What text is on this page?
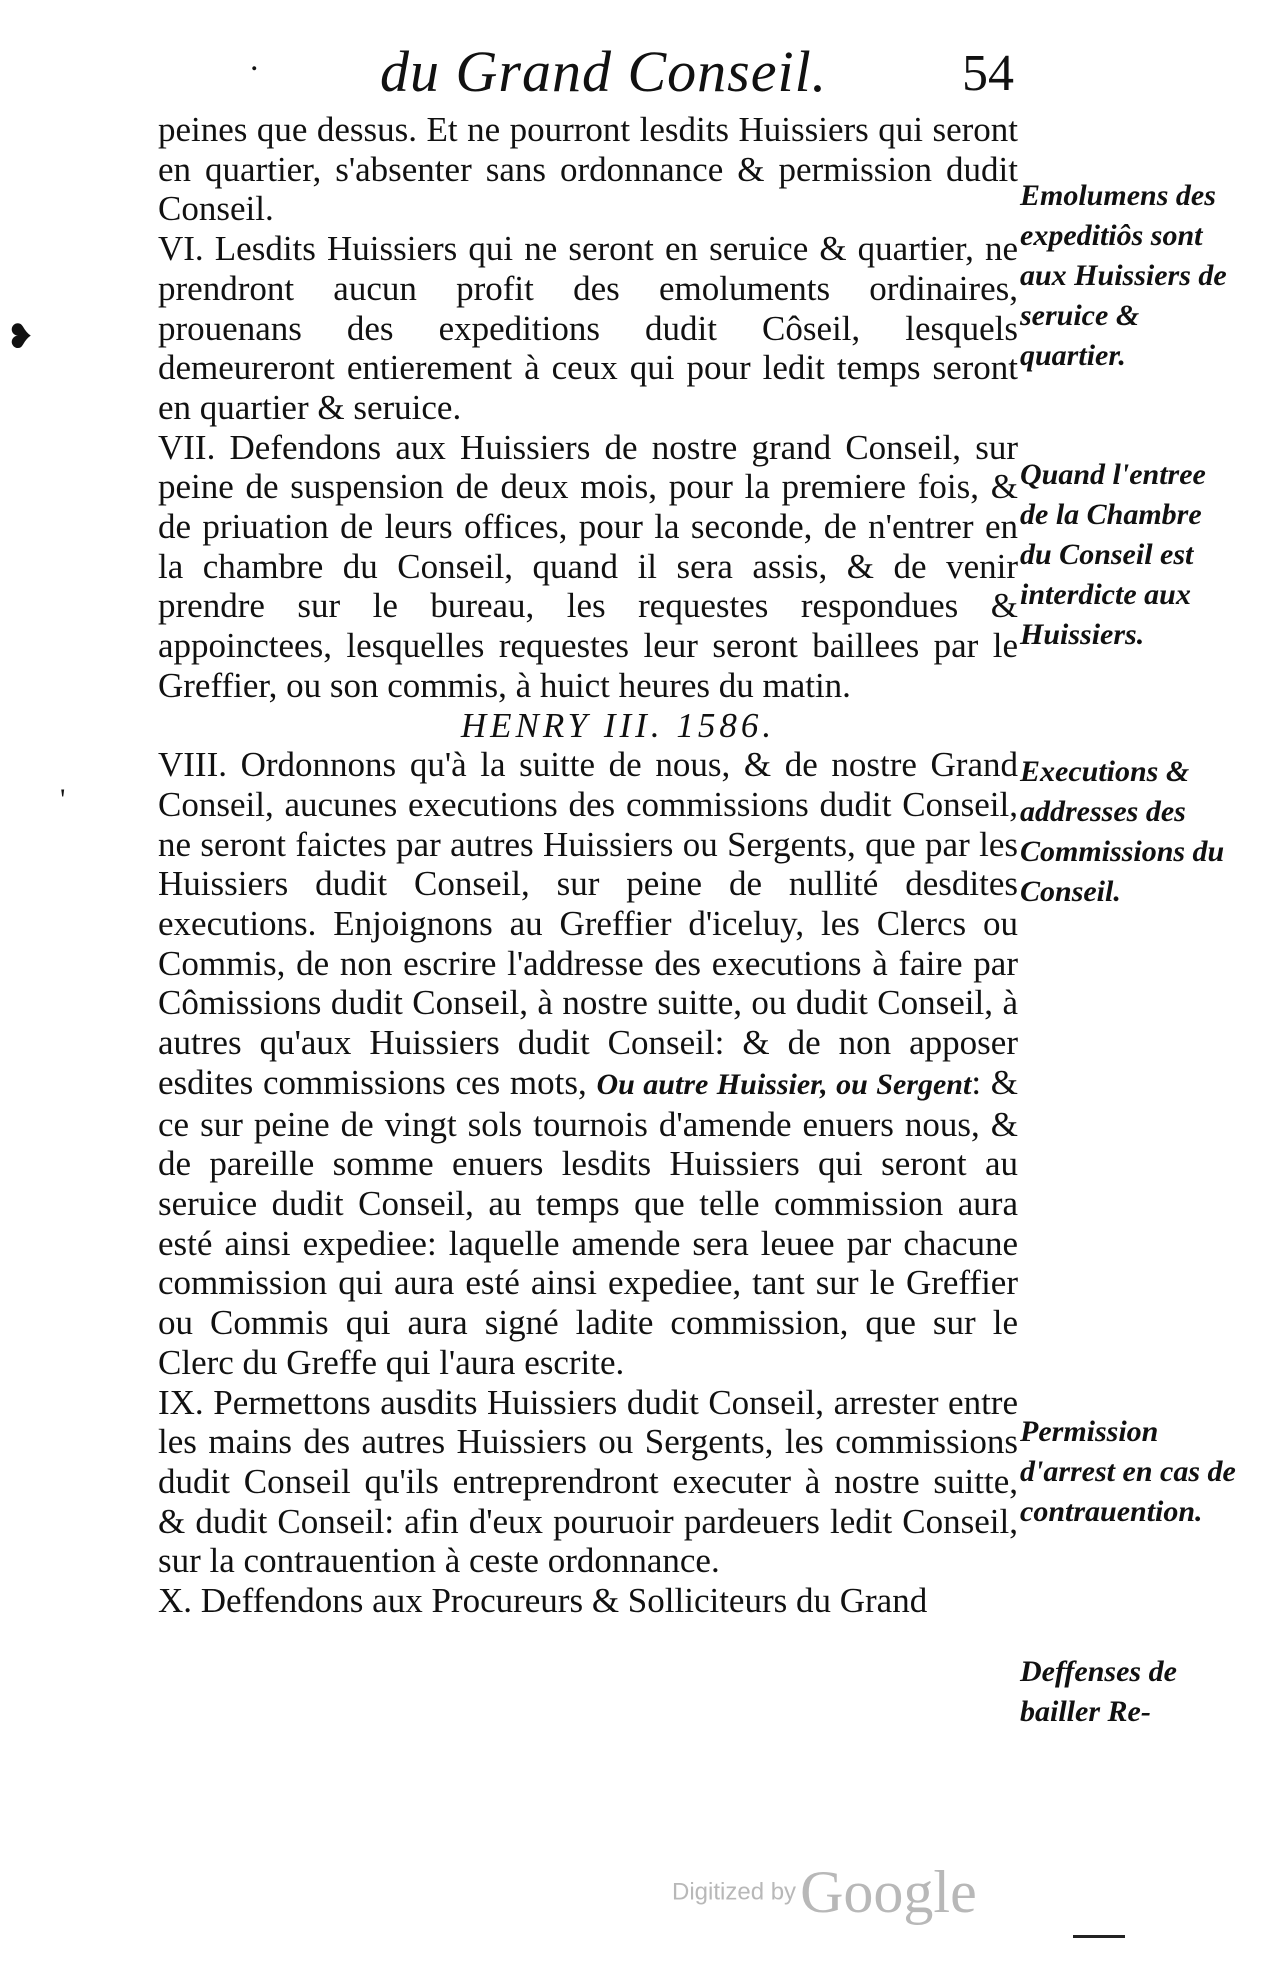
du Grand Conseil.	54

peines que dessus. Et ne pourront lesdits Huissiers qui seront en quartier, s'absenter sans ordonnance & permission dudit Conseil.

VI. Lesdits Huissiers qui ne seront en seruice & quartier, ne prendront aucun profit des emoluments ordinaires, prouenans des expeditions dudit Côseil, lesquels demeureront entierement à ceux qui pour ledit temps seront en quartier & seruice.

VII. Defendons aux Huissiers de nostre grand Conseil, sur peine de suspension de deux mois, pour la premiere fois, & de priuation de leurs offices, pour la seconde, de n'entrer en la chambre du Conseil, quand il sera assis, & de venir prendre sur le bureau, les requestes respondues & appoinctees, lesquelles requestes leur seront baillees par le Greffier, ou son commis, à huict heures du matin.

HENRY III. 1586.

VIII. Ordonnons qu'à la suitte de nous, & de nostre Grand Conseil, aucunes executions des commissions dudit Conseil, ne seront faictes par autres Huissiers ou Sergents, que par les Huissiers dudit Conseil, sur peine de nullité desdites executions. Enjoignons au Greffier d'iceluy, les Clercs ou Commis, de non escrire l'addresse des executions à faire par Cômissions dudit Conseil, à nostre suitte, ou dudit Conseil, à autres qu'aux Huissiers dudit Conseil: & de non apposer esdites commissions ces mots, Ou autre Huissier, ou Sergent: & ce sur peine de vingt sols tournois d'amende enuers nous, & de pareille somme enuers lesdits Huissiers qui seront au seruice dudit Conseil, au temps que telle commission aura esté ainsi expediee: laquelle amende sera leuee par chacune commission qui aura esté ainsi expediee, tant sur le Greffier ou Commis qui aura signé ladite commission, que sur le Clerc du Greffe qui l'aura escrite.

IX. Permettons ausdits Huissiers dudit Conseil, arrester entre les mains des autres Huissiers ou Sergents, les commissions dudit Conseil qu'ils entreprendront executer à nostre suitte, & dudit Conseil: afin d'eux pouruoir pardeuers ledit Conseil, sur la contrauention à ceste ordonnance.

X. Deffendons aux Procureurs & Solliciteurs du Grand

Emolumens des expeditiôs sont aux Huissiers de seruice & quartier.
Quand l'entree de la Chambre du Conseil est interdicte aux Huissiers.
Executions & addresses des Commissions du Conseil.
Permission d'arrest en cas de contrauention.
Deffenses de bailler Re-
❥
'
.
Digitized by Google
